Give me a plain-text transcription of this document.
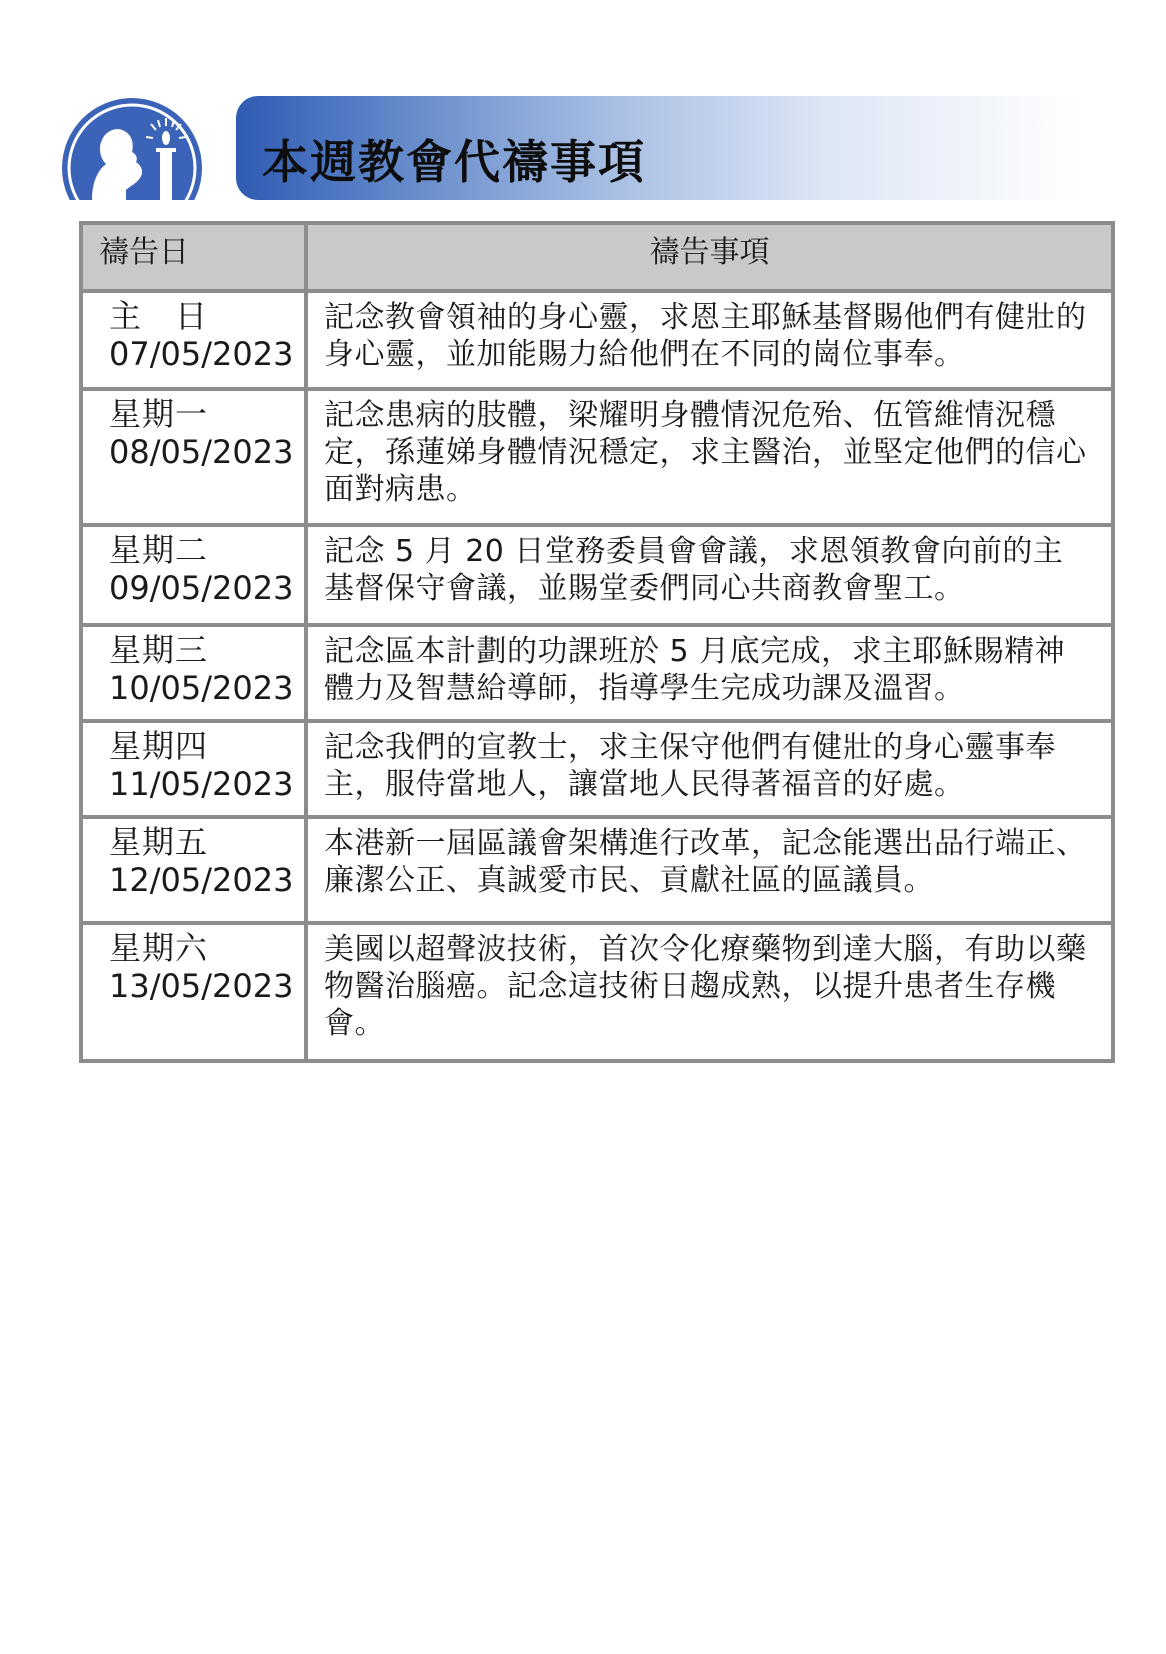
本週教會代禱事項
禱告日	禱告事項

主　日
07/05/2023	記念教會領袖的身心靈，求恩主耶穌基督賜他們有健壯的身心靈，並加能賜力給他們在不同的崗位事奉。

星期一
08/05/2023	記念患病的肢體，梁耀明身體情況危殆、伍管維情況穩定，孫蓮娣身體情況穩定，求主醫治，並堅定他們的信心面對病患。

星期二
09/05/2023	記念 5 月 20 日堂務委員會會議，求恩領教會向前的主基督保守會議，並賜堂委們同心共商教會聖工。

星期三
10/05/2023	記念區本計劃的功課班於 5 月底完成，求主耶穌賜精神體力及智慧給導師，指導學生完成功課及溫習。

星期四
11/05/2023	記念我們的宣教士，求主保守他們有健壯的身心靈事奉主，服侍當地人，讓當地人民得著福音的好處。

星期五
12/05/2023	本港新一屆區議會架構進行改革，記念能選出品行端正、廉潔公正、真誠愛市民、貢獻社區的區議員。

星期六
13/05/2023	美國以超聲波技術，首次令化療藥物到達大腦，有助以藥物醫治腦癌。記念這技術日趨成熟，以提升患者生存機會。
